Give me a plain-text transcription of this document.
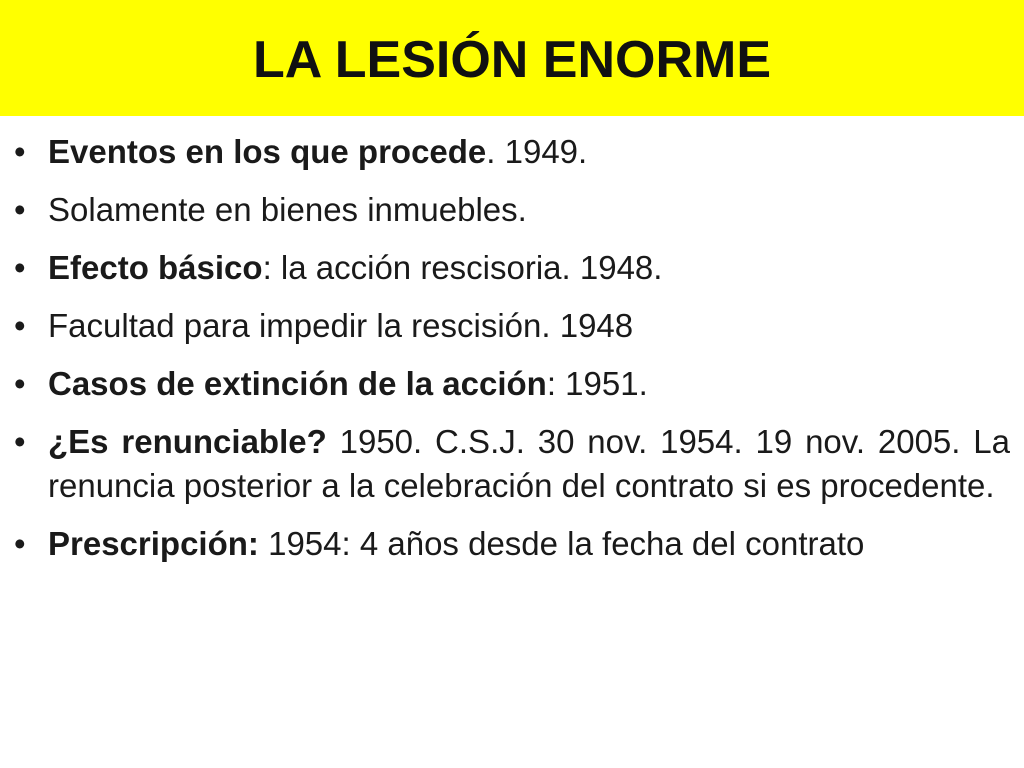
LA LESIÓN ENORME
• Eventos en los que procede. 1949.
• Solamente en bienes inmuebles.
• Efecto básico: la acción rescisoria. 1948.
• Facultad para impedir la rescisión. 1948
• Casos de extinción de la acción: 1951.
• ¿Es renunciable? 1950. C.S.J. 30 nov. 1954. 19 nov. 2005. La renuncia posterior a la celebración del contrato si es procedente.
• Prescripción: 1954: 4 años desde la fecha del contrato
